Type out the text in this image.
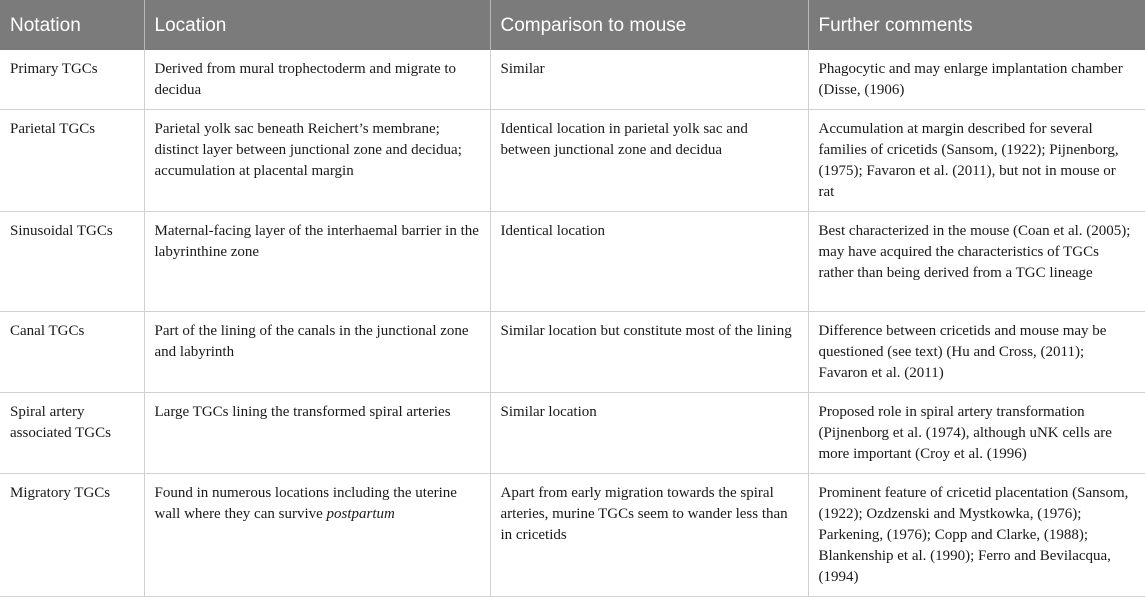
Notation	Location	Comparison to mouse	Further comments
Primary TGCs	Derived from mural trophectoderm and migrate to decidua	Similar	Phagocytic and may enlarge implantation chamber (Disse, (1906)
Parietal TGCs	Parietal yolk sac beneath Reichert’s membrane; distinct layer between junctional zone and decidua; accumulation at placental margin	Identical location in parietal yolk sac and between junctional zone and decidua	Accumulation at margin described for several families of cricetids (Sansom, (1922); Pijnenborg, (1975); Favaron et al. (2011), but not in mouse or rat
Sinusoidal TGCs	Maternal-facing layer of the interhaemal barrier in the labyrinthine zone	Identical location	Best characterized in the mouse (Coan et al. (2005); may have acquired the characteristics of TGCs rather than being derived from a TGC lineage
Canal TGCs	Part of the lining of the canals in the junctional zone and labyrinth	Similar location but constitute most of the lining	Difference between cricetids and mouse may be questioned (see text) (Hu and Cross, (2011); Favaron et al. (2011)
Spiral artery associated TGCs	Large TGCs lining the transformed spiral arteries	Similar location	Proposed role in spiral artery transformation (Pijnenborg et al. (1974), although uNK cells are more important (Croy et al. (1996)
Migratory TGCs	Found in numerous locations including the uterine wall where they can survive postpartum	Apart from early migration towards the spiral arteries, murine TGCs seem to wander less than in cricetids	Prominent feature of cricetid placentation (Sansom, (1922); Ozdzenski and Mystkowka, (1976); Parkening, (1976); Copp and Clarke, (1988); Blankenship et al. (1990); Ferro and Bevilacqua, (1994)
